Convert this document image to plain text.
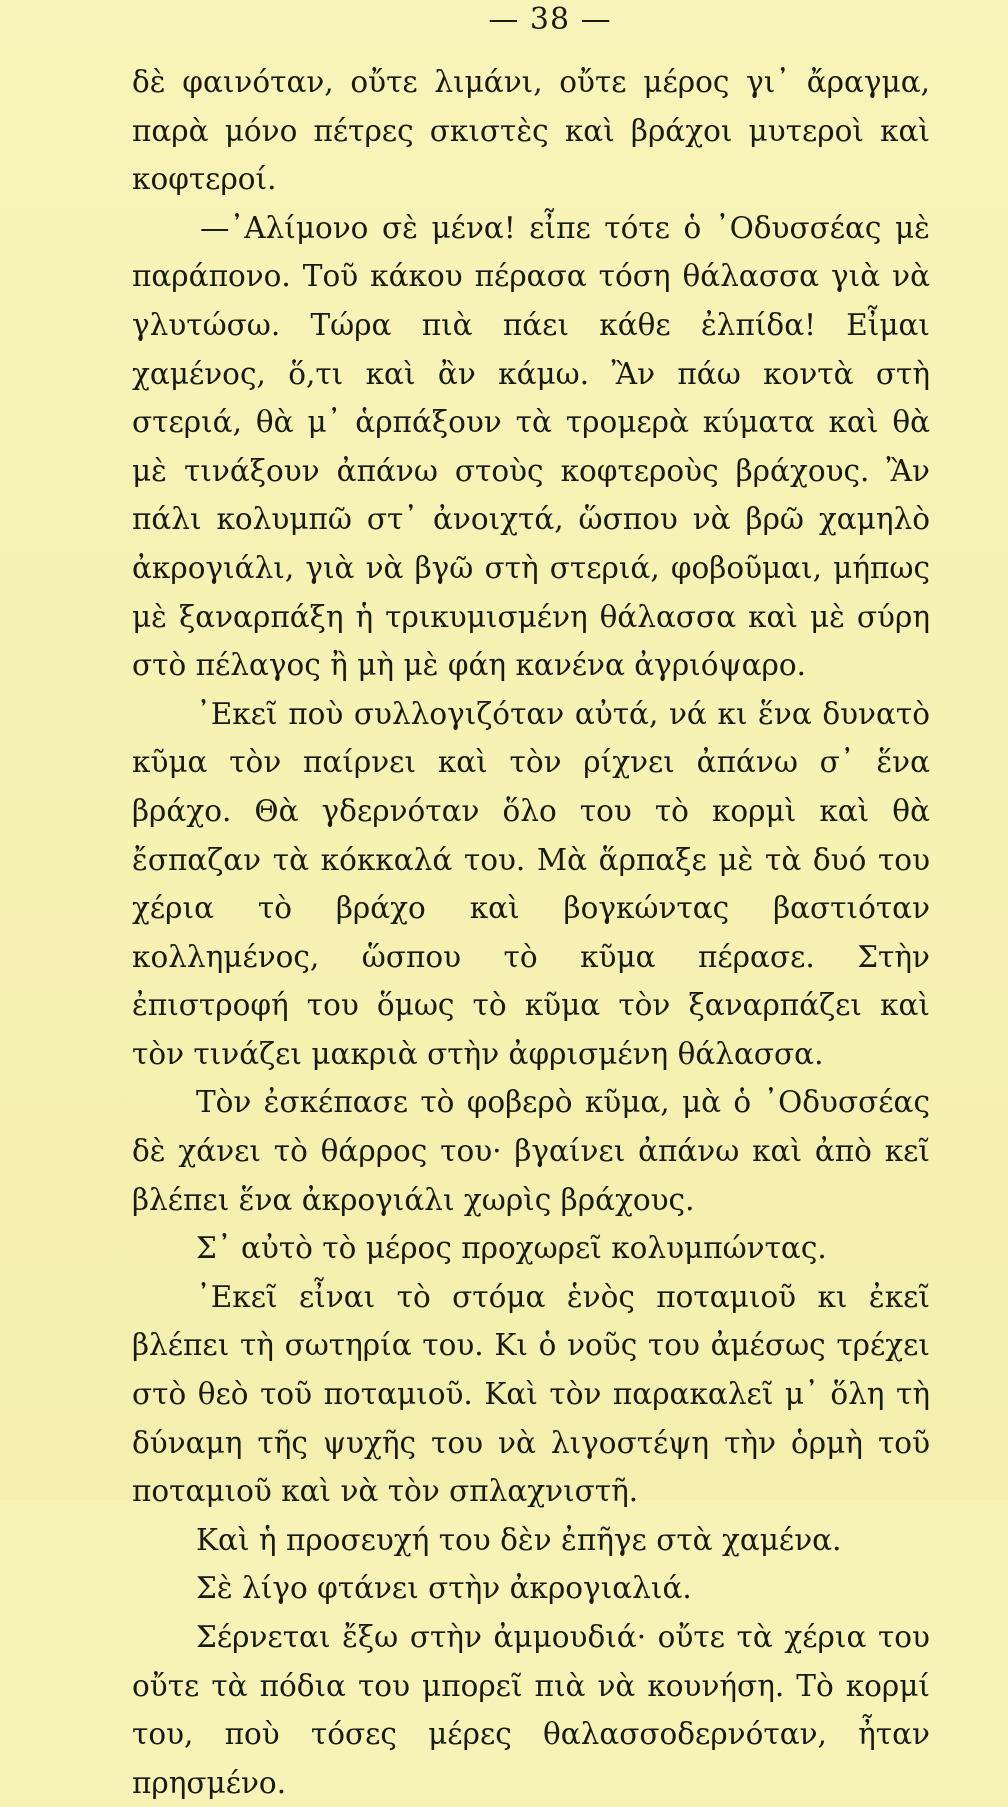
— 38 —

δὲ φαινόταν, οὔτε λιμάνι, οὔτε μέρος γι᾿ ἄραγμα, παρὰ μόνο πέτρες σκιστὲς καὶ βράχοι μυτεροὶ καὶ κοφτεροί.

—᾿Αλίμονο σὲ μένα! εἶπε τότε ὁ ᾿Οδυσσέας μὲ παράπονο. Τοῦ κάκου πέρασα τόση θάλασσα γιὰ νὰ γλυτώσω. Τώρα πιὰ πάει κάθε ἐλπίδα! Εἶμαι χαμένος, ὅ,τι καὶ ἂν κάμω. Ἂν πάω κοντὰ στὴ στεριά, θὰ μ᾿ ἁρπάξουν τὰ τρομερὰ κύματα καὶ θὰ μὲ τινάξουν ἀπάνω στοὺς κοφτεροὺς βράχους. Ἂν πάλι κολυμπῶ στ᾿ ἀνοιχτά, ὥσπου νὰ βρῶ χαμηλὸ ἀκρογιάλι, γιὰ νὰ βγῶ στὴ στεριά, φοβοῦμαι, μήπως μὲ ξαναρπάξη ἡ τρικυμισμένη θάλασσα καὶ μὲ σύρη στὸ πέλαγος ἢ μὴ μὲ φάη κανένα ἀγριόψαρο.

᾿Εκεῖ ποὺ συλλογιζόταν αὐτά, νά κι ἕνα δυνατὸ κῦμα τὸν παίρνει καὶ τὸν ρίχνει ἀπάνω σ᾿ ἕνα βράχο. Θὰ γδερνόταν ὅλο του τὸ κορμὶ καὶ θὰ ἔσπαζαν τὰ κόκκαλά του. Μὰ ἅρπαξε μὲ τὰ δυό του χέρια τὸ βράχο καὶ βογκώντας βαστιόταν κολλημένος, ὥσπου τὸ κῦμα πέρασε. Στὴν ἐπιστροφή του ὅμως τὸ κῦμα τὸν ξαναρπάζει καὶ τὸν τινάζει μακριὰ στὴν ἀφρισμένη θάλασσα.

Τὸν ἐσκέπασε τὸ φοβερὸ κῦμα, μὰ ὁ ᾿Οδυσσέας δὲ χάνει τὸ θάρρος του· βγαίνει ἀπάνω καὶ ἀπὸ κεῖ βλέπει ἕνα ἀκρογιάλι χωρὶς βράχους.

Σ᾿ αὐτὸ τὸ μέρος προχωρεῖ κολυμπώντας.

᾿Εκεῖ εἶναι τὸ στόμα ἑνὸς ποταμιοῦ κι ἐκεῖ βλέπει τὴ σωτηρία του. Κι ὁ νοῦς του ἀμέσως τρέχει στὸ θεὸ τοῦ ποταμιοῦ. Καὶ τὸν παρακαλεῖ μ᾿ ὅλη τὴ δύναμη τῆς ψυχῆς του νὰ λιγοστέψη τὴν ὁρμὴ τοῦ ποταμιοῦ καὶ νὰ τὸν σπλαχνιστῆ.

Καὶ ἡ προσευχή του δὲν ἐπῆγε στὰ χαμένα.

Σὲ λίγο φτάνει στὴν ἀκρογιαλιά.

Σέρνεται ἔξω στὴν ἀμμουδιά· οὔτε τὰ χέρια του οὔτε τὰ πόδια του μπορεῖ πιὰ νὰ κουνήση. Τὸ κορμί του, ποὺ τόσες μέρες θαλασσοδερνόταν, ἦταν πρησμένο.
